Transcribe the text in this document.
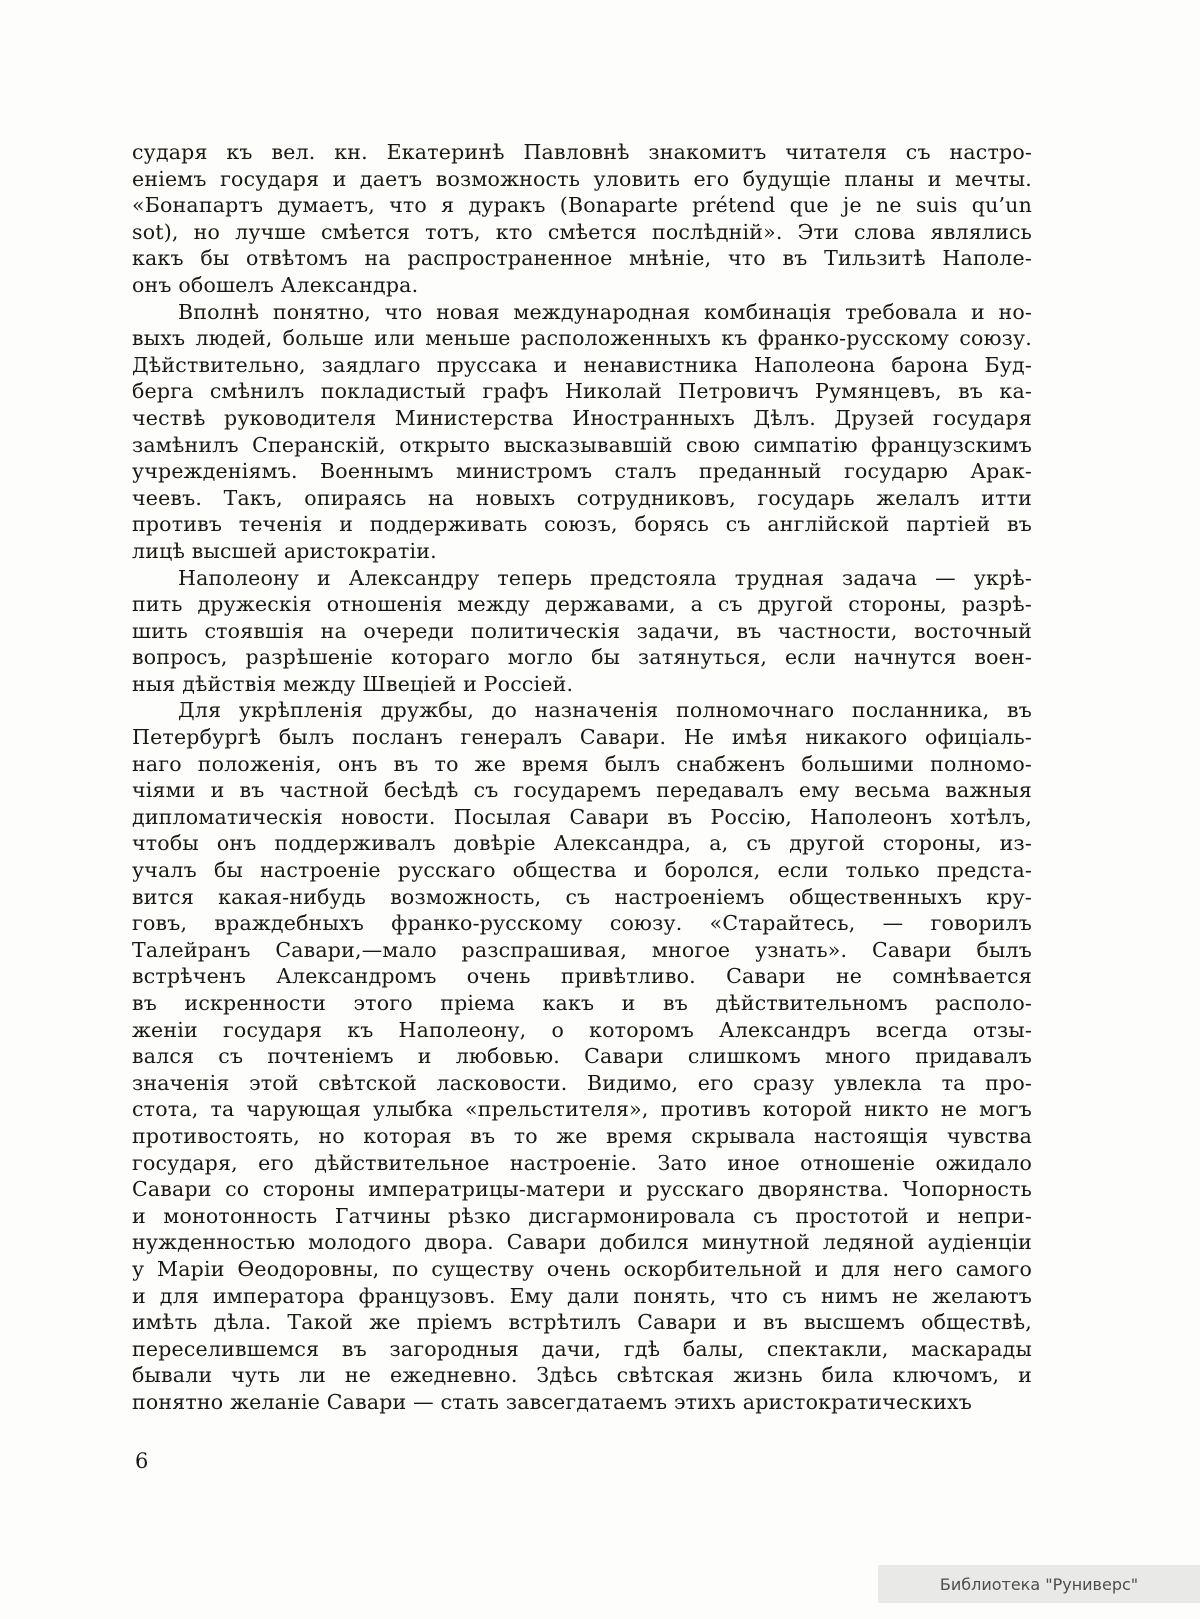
сударя къ вел. кн. Екатеринѣ Павловнѣ знакомитъ читателя съ настро-
еніемъ государя и даетъ возможность уловить его будущіе планы и мечты.
«Бонапартъ думаетъ, что я дуракъ (Bonaparte prétend que je ne suis qu’un
sot), но лучше смѣется тотъ, кто смѣется послѣдній». Эти слова являлись
какъ бы отвѣтомъ на распространенное мнѣніе, что въ Тильзитѣ Наполе-
онъ обошелъ Александра.
Вполнѣ понятно, что новая международная комбинація требовала и но-
выхъ людей, больше или меньше расположенныхъ къ франко-русскому союзу.
Дѣйствительно, заядлаго пруссака и ненавистника Наполеона барона Буд-
берга смѣнилъ покладистый графъ Николай Петровичъ Румянцевъ, въ ка-
чествѣ руководителя Министерства Иностранныхъ Дѣлъ. Друзей государя
замѣнилъ Сперанскій, открыто высказывавшій свою симпатію французскимъ
учрежденіямъ. Военнымъ министромъ сталъ преданный государю Арак-
чеевъ. Такъ, опираясь на новыхъ сотрудниковъ, государь желалъ итти
противъ теченія и поддерживать союзъ, борясь съ англійской партіей въ
лицѣ высшей аристократіи.
Наполеону и Александру теперь предстояла трудная задача — укрѣ-
пить дружескія отношенія между державами, а съ другой стороны, разрѣ-
шить стоявшія на очереди политическія задачи, въ частности, восточный
вопросъ, разрѣшеніе котораго могло бы затянуться, если начнутся воен-
ныя дѣйствія между Швеціей и Россіей.
Для укрѣпленія дружбы, до назначенія полномочнаго посланника, въ
Петербургѣ былъ посланъ генералъ Савари. Не имѣя никакого офиціаль-
наго положенія, онъ въ то же время былъ снабженъ большими полномо-
чіями и въ частной бесѣдѣ съ государемъ передавалъ ему весьма важныя
дипломатическія новости. Посылая Савари въ Россію, Наполеонъ хотѣлъ,
чтобы онъ поддерживалъ довѣріе Александра, а, съ другой стороны, из-
учалъ бы настроеніе русскаго общества и боролся, если только предста-
вится какая-нибудь возможность, съ настроеніемъ общественныхъ кру-
говъ, враждебныхъ франко-русскому союзу. «Старайтесь, — говорилъ
Талейранъ Савари,—мало разспрашивая, многое узнать». Савари былъ
встрѣченъ Александромъ очень привѣтливо. Савари не сомнѣвается
въ искренности этого пріема какъ и въ дѣйствительномъ располо-
женіи государя къ Наполеону, о которомъ Александръ всегда отзы-
вался съ почтеніемъ и любовью. Савари слишкомъ много придавалъ
значенія этой свѣтской ласковости. Видимо, его сразу увлекла та про-
стота, та чарующая улыбка «прельстителя», противъ которой никто не могъ
противостоять, но которая въ то же время скрывала настоящія чувства
государя, его дѣйствительное настроеніе. Зато иное отношеніе ожидало
Савари со стороны императрицы-матери и русскаго дворянства. Чопорность
и монотонность Гатчины рѣзко дисгармонировала съ простотой и непри-
нужденностью молодого двора. Савари добился минутной ледяной аудіенціи
у Маріи Ѳеодоровны, по существу очень оскорбительной и для него самого
и для императора французовъ. Ему дали понять, что съ нимъ не желаютъ
имѣть дѣла. Такой же пріемъ встрѣтилъ Савари и въ высшемъ обществѣ,
переселившемся въ загородныя дачи, гдѣ балы, спектакли, маскарады
бывали чуть ли не ежедневно. Здѣсь свѣтская жизнь била ключомъ, и
понятно желаніе Савари — стать завсегдатаемъ этихъ аристократическихъ
6
Библиотека "Руниверс"
